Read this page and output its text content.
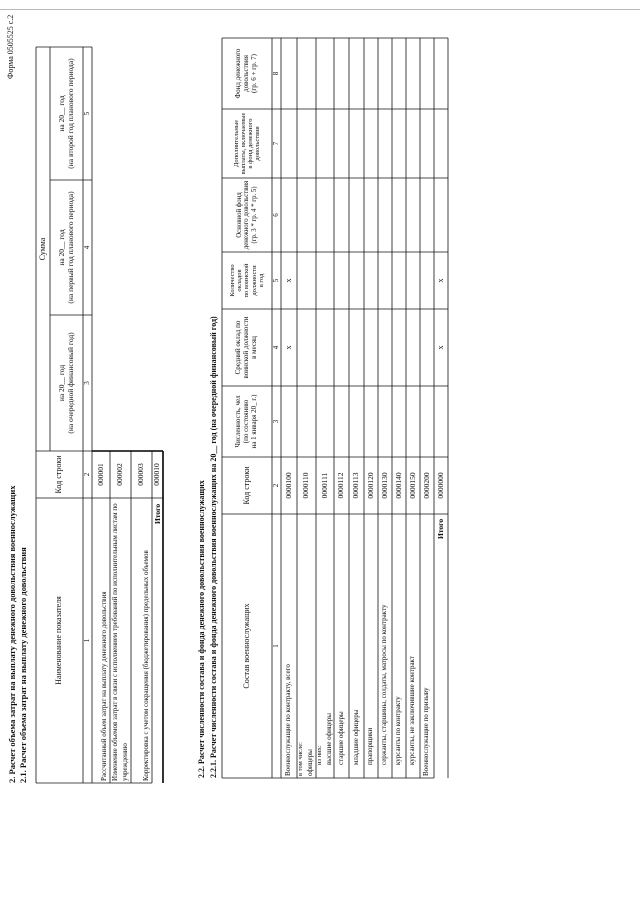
Форма 0505525 с.2
2. Расчет объема затрат на выплату денежного довольствия военнослужащих 2.1. Расчет объема затрат на выплату денежного довольствия	Наименование показателя
Код строки
Сумма
на 20__ год (на очередной финансовый год)
на 20__ год (на первый год планового периода)
на 20__ год (на второй год планового периода)
1
2
3
4
5
Рассчитанный объем затрат на выплату денежного довольствия
000001
Изменение объемов затрат в связи с исполнением требований по исполнительным листам по учреждению
000002
Корректировка с учетом сокращения (бюджетирования) предельных объемов
000003
Итого
000010
2.2. Расчет численности состава и фонда денежного довольствия военнослужащих 2.2.1. Расчет численности состава и фонда денежного довольствия военнослужащих на 20__ год (на очередной финансовый год)	Состав военнослужащих
Код строки
Численность, чел (по состоянию на 1 января 20_ г.)
Средний оклад по воинской должности в месяц
Количество окладов по воинской должности в год
Основной фонд денежного довольствия (гр. 3 * гр. 4 * гр. 5)
Дополнительные выплаты, включаемые в фонд денежного довольствия
Фонд денежного довольствия (гр. 6 + гр. 7)
1
2
3
4
5
6
7
8
Военнослужащие по контракту, всего
0000100
x
x
в том числе: офицеры
0000110
из них: высшие офицеры
0000111
старшие офицеры
0000112
младшие офицеры
0000113
прапорщики
0000120
сержанты, старшины, солдаты, матросы по контракту
0000130
курсанты по контракту
0000140
курсанты, не заключившие контракт
0000150
Военнослужащие по призыву
0000200
Итого
0000000
x
x
